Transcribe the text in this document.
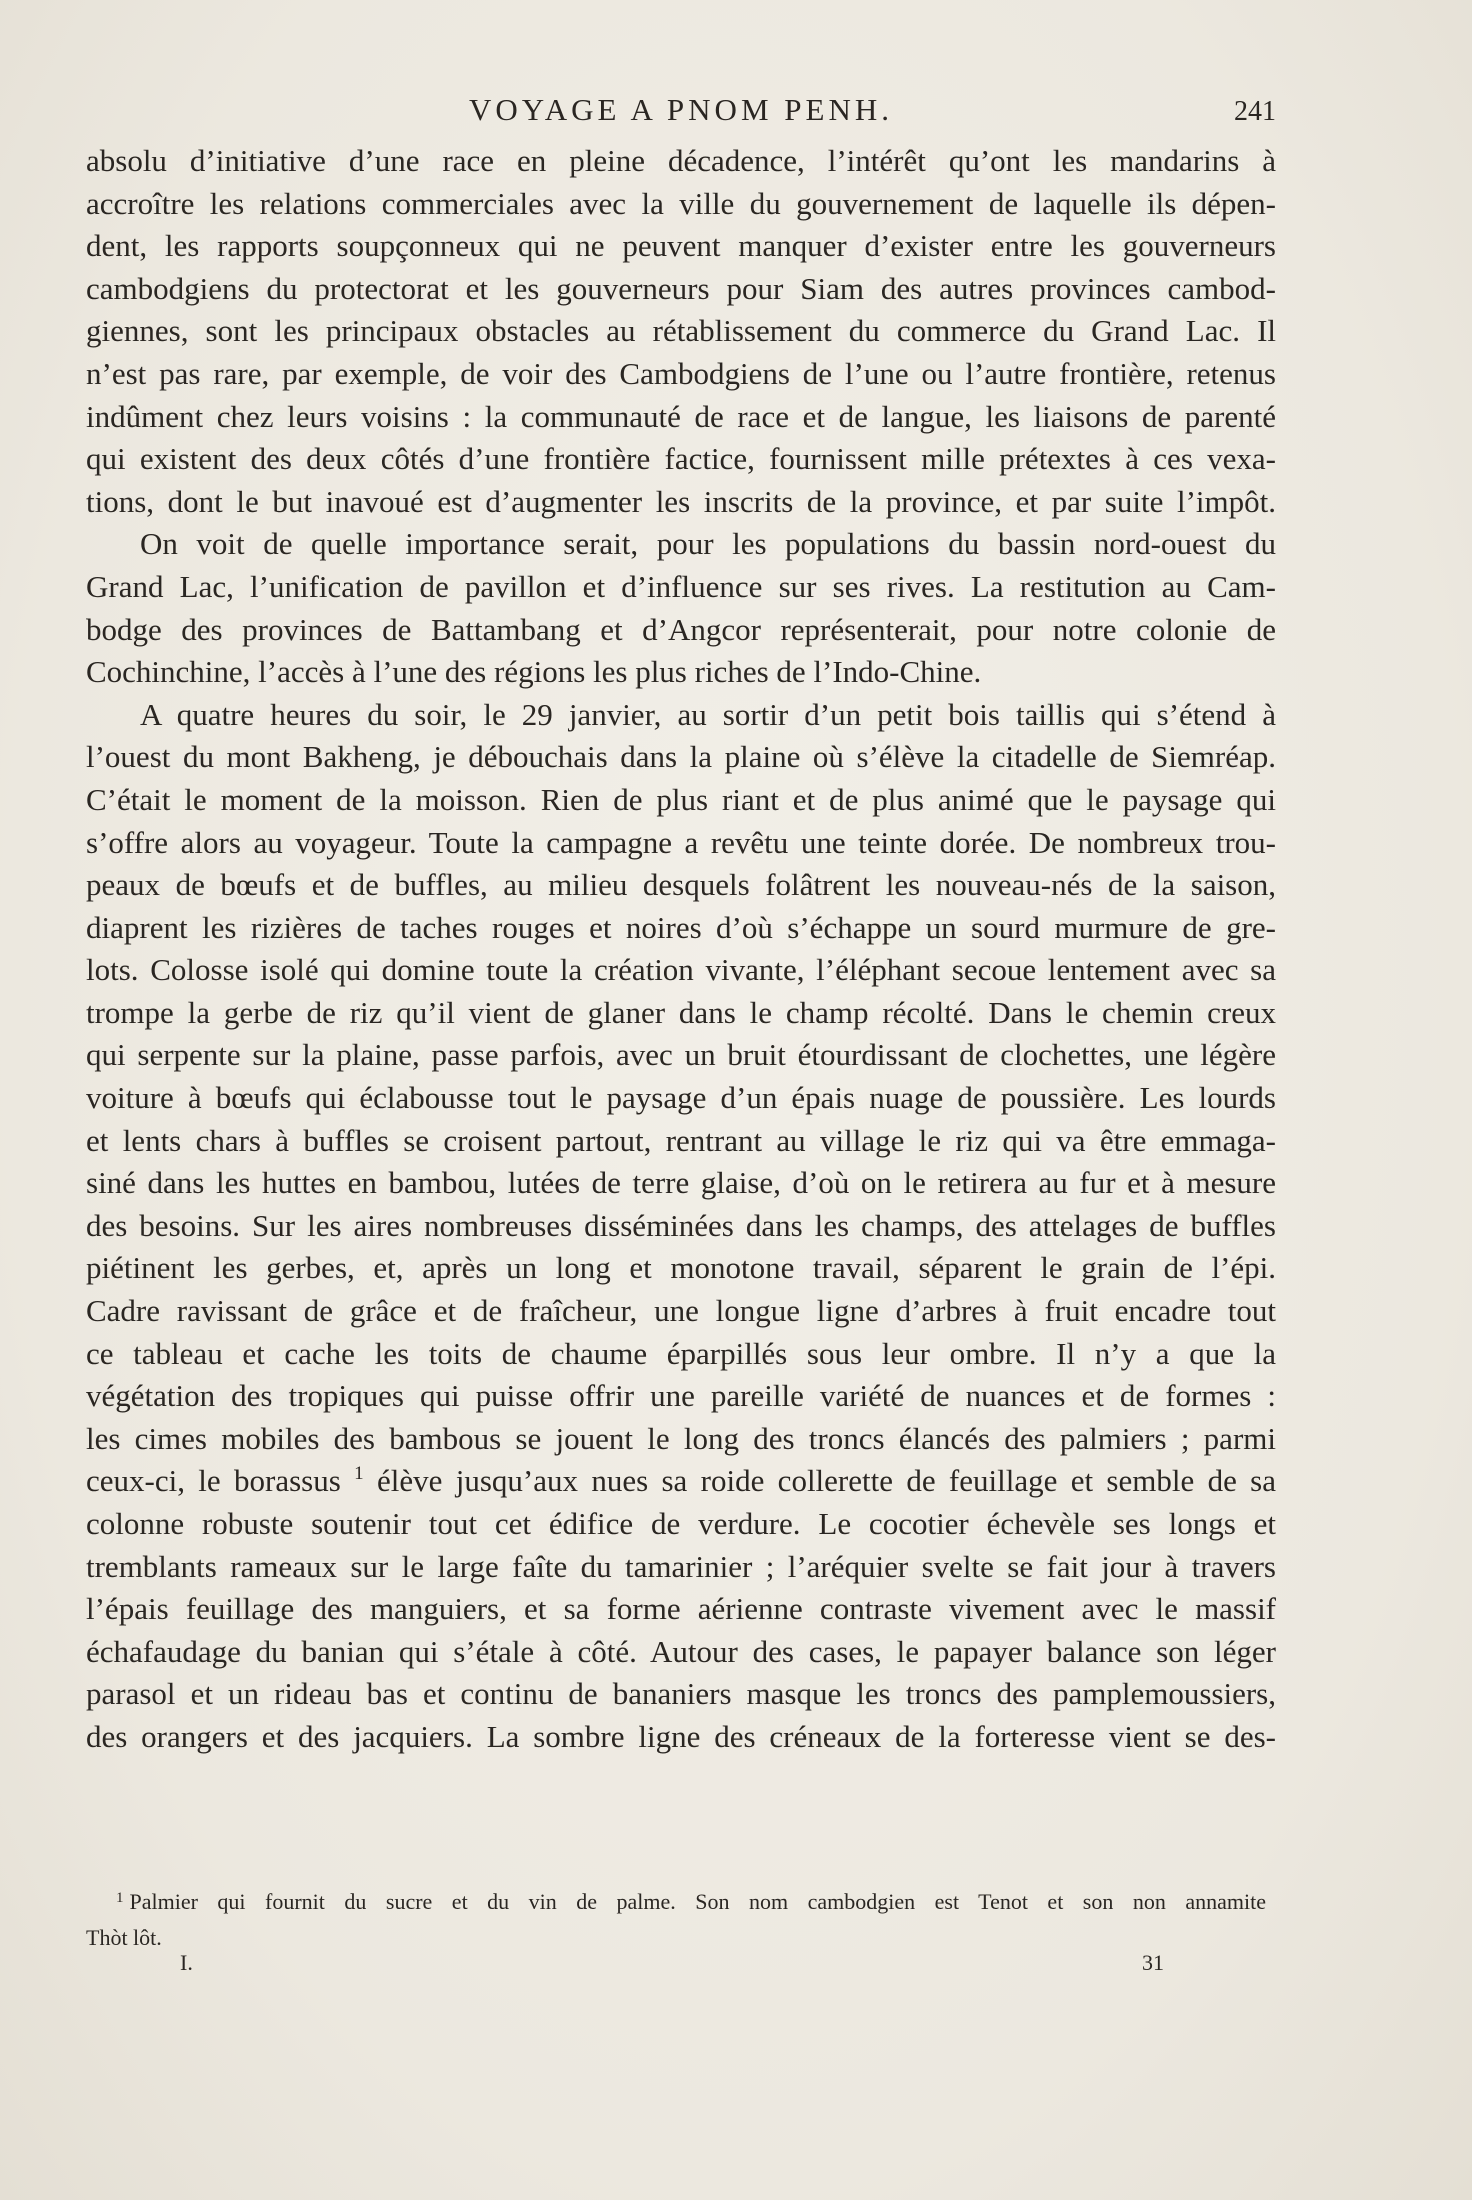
VOYAGE A PNOM PENH.	241
absolu d’initiative d’une race en pleine décadence, l’intérêt qu’ont les mandarins à
accroître les relations commerciales avec la ville du gouvernement de laquelle ils dépen-
dent, les rapports soupçonneux qui ne peuvent manquer d’exister entre les gouverneurs
cambodgiens du protectorat et les gouverneurs pour Siam des autres provinces cambod-
giennes, sont les principaux obstacles au rétablissement du commerce du Grand Lac. Il
n’est pas rare, par exemple, de voir des Cambodgiens de l’une ou l’autre frontière, retenus
indûment chez leurs voisins : la communauté de race et de langue, les liaisons de parenté
qui existent des deux côtés d’une frontière factice, fournissent mille prétextes à ces vexa-
tions, dont le but inavoué est d’augmenter les inscrits de la province, et par suite l’impôt.
On voit de quelle importance serait, pour les populations du bassin nord-ouest du
Grand Lac, l’unification de pavillon et d’influence sur ses rives. La restitution au Cam-
bodge des provinces de Battambang et d’Angcor représenterait, pour notre colonie de
Cochinchine, l’accès à l’une des régions les plus riches de l’Indo-Chine.
A quatre heures du soir, le 29 janvier, au sortir d’un petit bois taillis qui s’étend à
l’ouest du mont Bakheng, je débouchais dans la plaine où s’élève la citadelle de Siemréap.
C’était le moment de la moisson. Rien de plus riant et de plus animé que le paysage qui
s’offre alors au voyageur. Toute la campagne a revêtu une teinte dorée. De nombreux trou-
peaux de bœufs et de buffles, au milieu desquels folâtrent les nouveau-nés de la saison,
diaprent les rizières de taches rouges et noires d’où s’échappe un sourd murmure de gre-
lots. Colosse isolé qui domine toute la création vivante, l’éléphant secoue lentement avec sa
trompe la gerbe de riz qu’il vient de glaner dans le champ récolté. Dans le chemin creux
qui serpente sur la plaine, passe parfois, avec un bruit étourdissant de clochettes, une légère
voiture à bœufs qui éclabousse tout le paysage d’un épais nuage de poussière. Les lourds
et lents chars à buffles se croisent partout, rentrant au village le riz qui va être emmaga-
siné dans les huttes en bambou, lutées de terre glaise, d’où on le retirera au fur et à mesure
des besoins. Sur les aires nombreuses disséminées dans les champs, des attelages de buffles
piétinent les gerbes, et, après un long et monotone travail, séparent le grain de l’épi.
Cadre ravissant de grâce et de fraîcheur, une longue ligne d’arbres à fruit encadre tout
ce tableau et cache les toits de chaume éparpillés sous leur ombre. Il n’y a que la
végétation des tropiques qui puisse offrir une pareille variété de nuances et de formes :
les cimes mobiles des bambous se jouent le long des troncs élancés des palmiers ; parmi
ceux-ci, le borassus $^1$ élève jusqu’aux nues sa roide collerette de feuillage et semble de sa
colonne robuste soutenir tout cet édifice de verdure. Le cocotier échevèle ses longs et
tremblants rameaux sur le large faîte du tamarinier ; l’aréquier svelte se fait jour à travers
l’épais feuillage des manguiers, et sa forme aérienne contraste vivement avec le massif
échafaudage du banian qui s’étale à côté. Autour des cases, le papayer balance son léger
parasol et un rideau bas et continu de bananiers masque les troncs des pamplemoussiers,
des orangers et des jacquiers. La sombre ligne des créneaux de la forteresse vient se des-
$^1$ Palmier qui fournit du sucre et du vin de palme. Son nom cambodgien est Tenot et son non annamite
Thòt lôt.
I.	31
